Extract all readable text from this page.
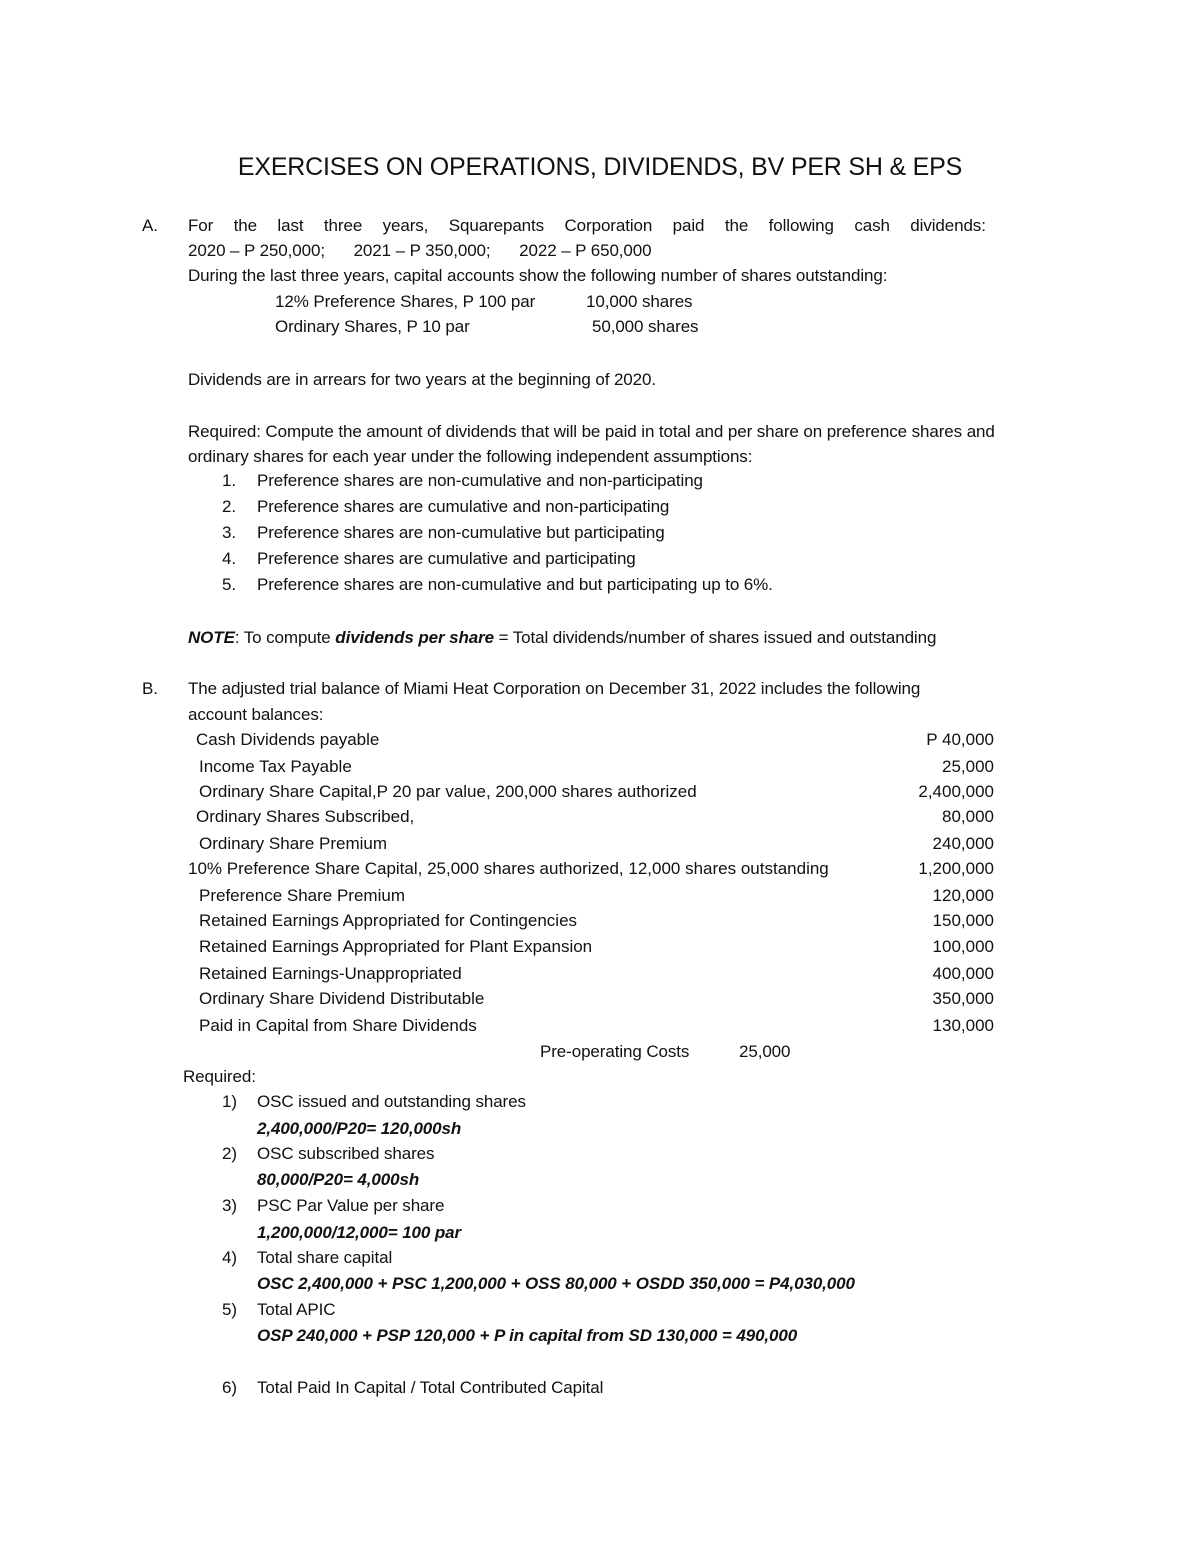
EXERCISES ON OPERATIONS, DIVIDENDS, BV PER SH & EPS
A. For the last three years, Squarepants Corporation paid the following cash dividends:
2020 – P 250,000; 2021 – P 350,000; 2022 – P 650,000
During the last three years, capital accounts show the following number of shares outstanding:
12% Preference Shares, P 100 par	10,000 shares
Ordinary Shares, P 10 par	50,000 shares
Dividends are in arrears for two years at the beginning of 2020.
Required: Compute the amount of dividends that will be paid in total and per share on preference shares and
ordinary shares for each year under the following independent assumptions:
1. Preference shares are non-cumulative and non-participating
2. Preference shares are cumulative and non-participating
3. Preference shares are non-cumulative but participating
4. Preference shares are cumulative and participating
5. Preference shares are non-cumulative and but participating up to 6%.
NOTE: To compute dividends per share = Total dividends/number of shares issued and outstanding
B. The adjusted trial balance of Miami Heat Corporation on December 31, 2022 includes the following
account balances:
Cash Dividends payable	P 40,000
Income Tax Payable	25,000
Ordinary Share Capital,P 20 par value, 200,000 shares authorized	2,400,000
Ordinary Shares Subscribed,	80,000
Ordinary Share Premium	240,000
10% Preference Share Capital, 25,000 shares authorized, 12,000 shares outstanding	1,200,000
Preference Share Premium	120,000
Retained Earnings Appropriated for Contingencies	150,000
Retained Earnings Appropriated for Plant Expansion	100,000
Retained Earnings-Unappropriated	400,000
Ordinary Share Dividend Distributable	350,000
Paid in Capital from Share Dividends	130,000
Pre-operating Costs	25,000
Required:
1) OSC issued and outstanding shares
2,400,000/P20= 120,000sh
2) OSC subscribed shares
80,000/P20= 4,000sh
3) PSC Par Value per share
1,200,000/12,000= 100 par
4) Total share capital
OSC 2,400,000 + PSC 1,200,000 + OSS 80,000 + OSDD 350,000 = P4,030,000
5) Total APIC
OSP 240,000 + PSP 120,000 + P in capital from SD 130,000 = 490,000
6) Total Paid In Capital / Total Contributed Capital
